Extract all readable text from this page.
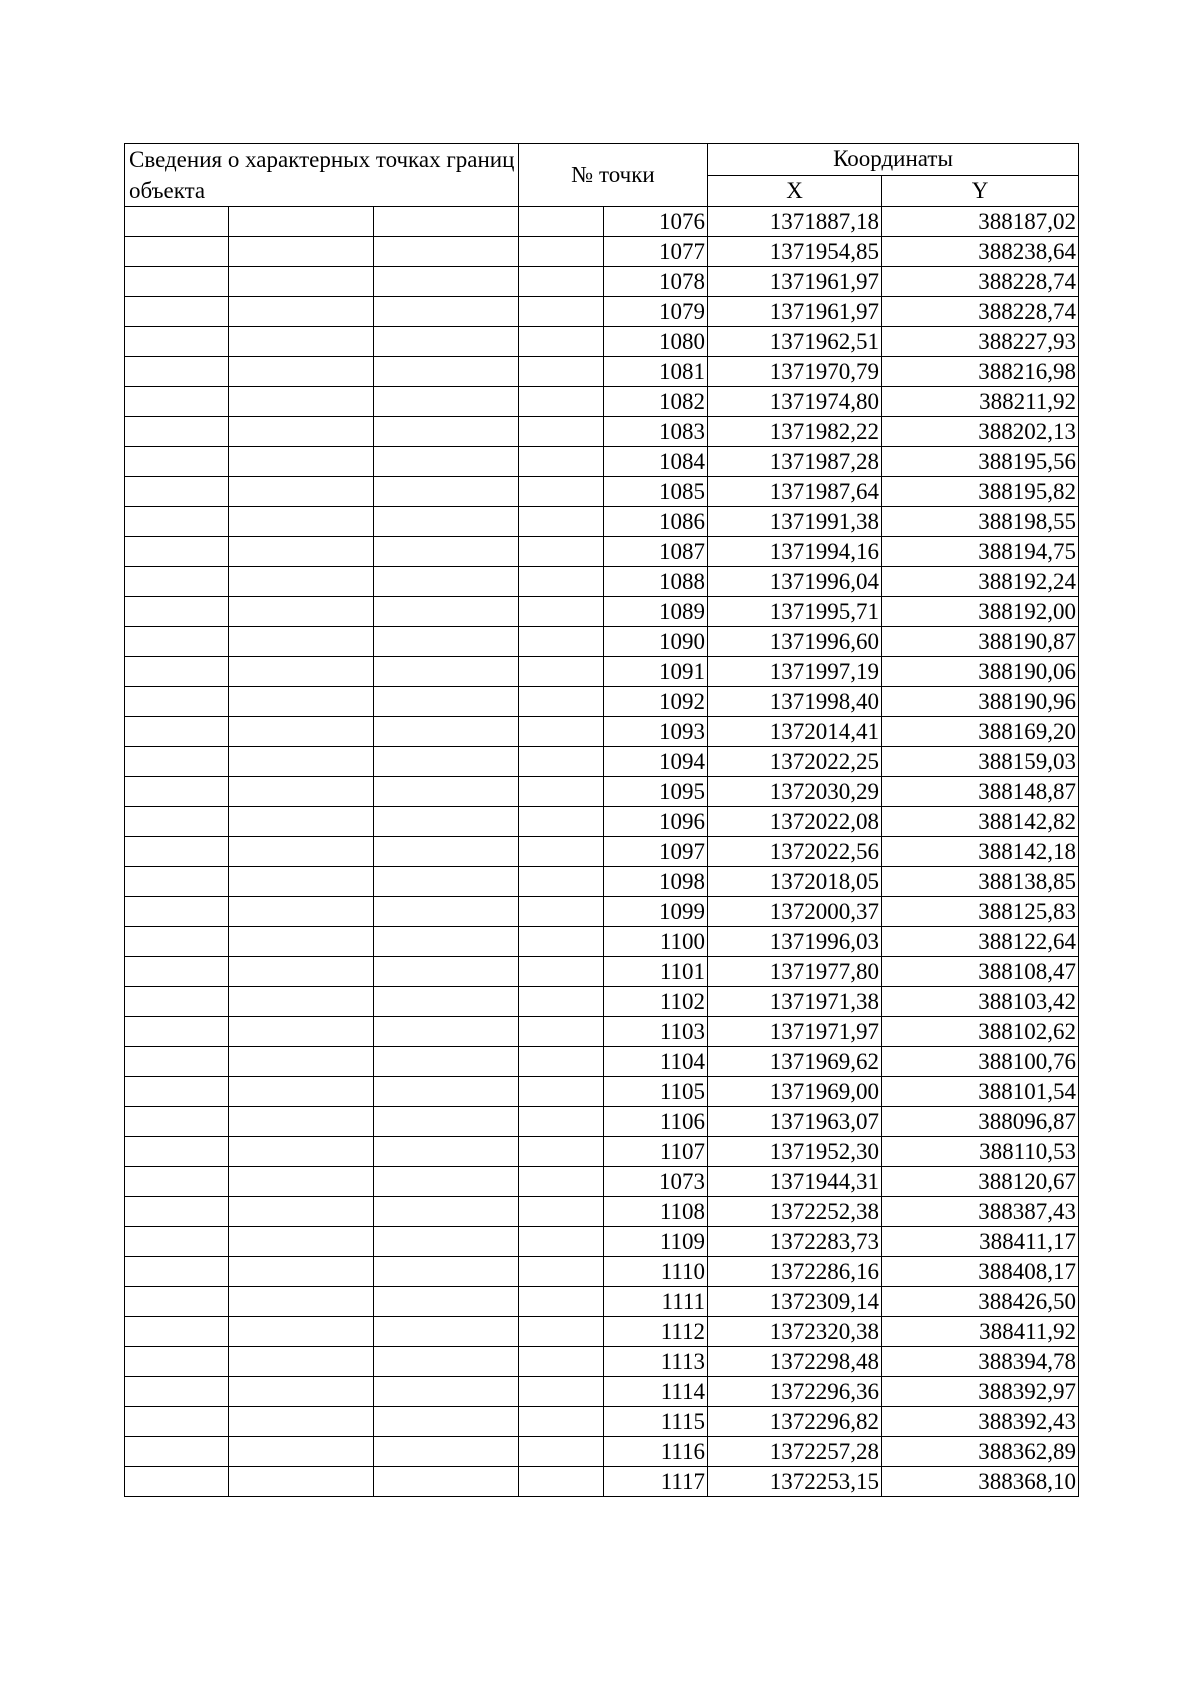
Сведения о характерных точках границ объекта			№ точки		Координаты	
					X	Y
				1076	1371887,18	388187,02
				1077	1371954,85	388238,64
				1078	1371961,97	388228,74
				1079	1371961,97	388228,74
				1080	1371962,51	388227,93
				1081	1371970,79	388216,98
				1082	1371974,80	388211,92
				1083	1371982,22	388202,13
				1084	1371987,28	388195,56
				1085	1371987,64	388195,82
				1086	1371991,38	388198,55
				1087	1371994,16	388194,75
				1088	1371996,04	388192,24
				1089	1371995,71	388192,00
				1090	1371996,60	388190,87
				1091	1371997,19	388190,06
				1092	1371998,40	388190,96
				1093	1372014,41	388169,20
				1094	1372022,25	388159,03
				1095	1372030,29	388148,87
				1096	1372022,08	388142,82
				1097	1372022,56	388142,18
				1098	1372018,05	388138,85
				1099	1372000,37	388125,83
				1100	1371996,03	388122,64
				1101	1371977,80	388108,47
				1102	1371971,38	388103,42
				1103	1371971,97	388102,62
				1104	1371969,62	388100,76
				1105	1371969,00	388101,54
				1106	1371963,07	388096,87
				1107	1371952,30	388110,53
				1073	1371944,31	388120,67
				1108	1372252,38	388387,43
				1109	1372283,73	388411,17
				1110	1372286,16	388408,17
				1111	1372309,14	388426,50
				1112	1372320,38	388411,92
				1113	1372298,48	388394,78
				1114	1372296,36	388392,97
				1115	1372296,82	388392,43
				1116	1372257,28	388362,89
				1117	1372253,15	388368,10
